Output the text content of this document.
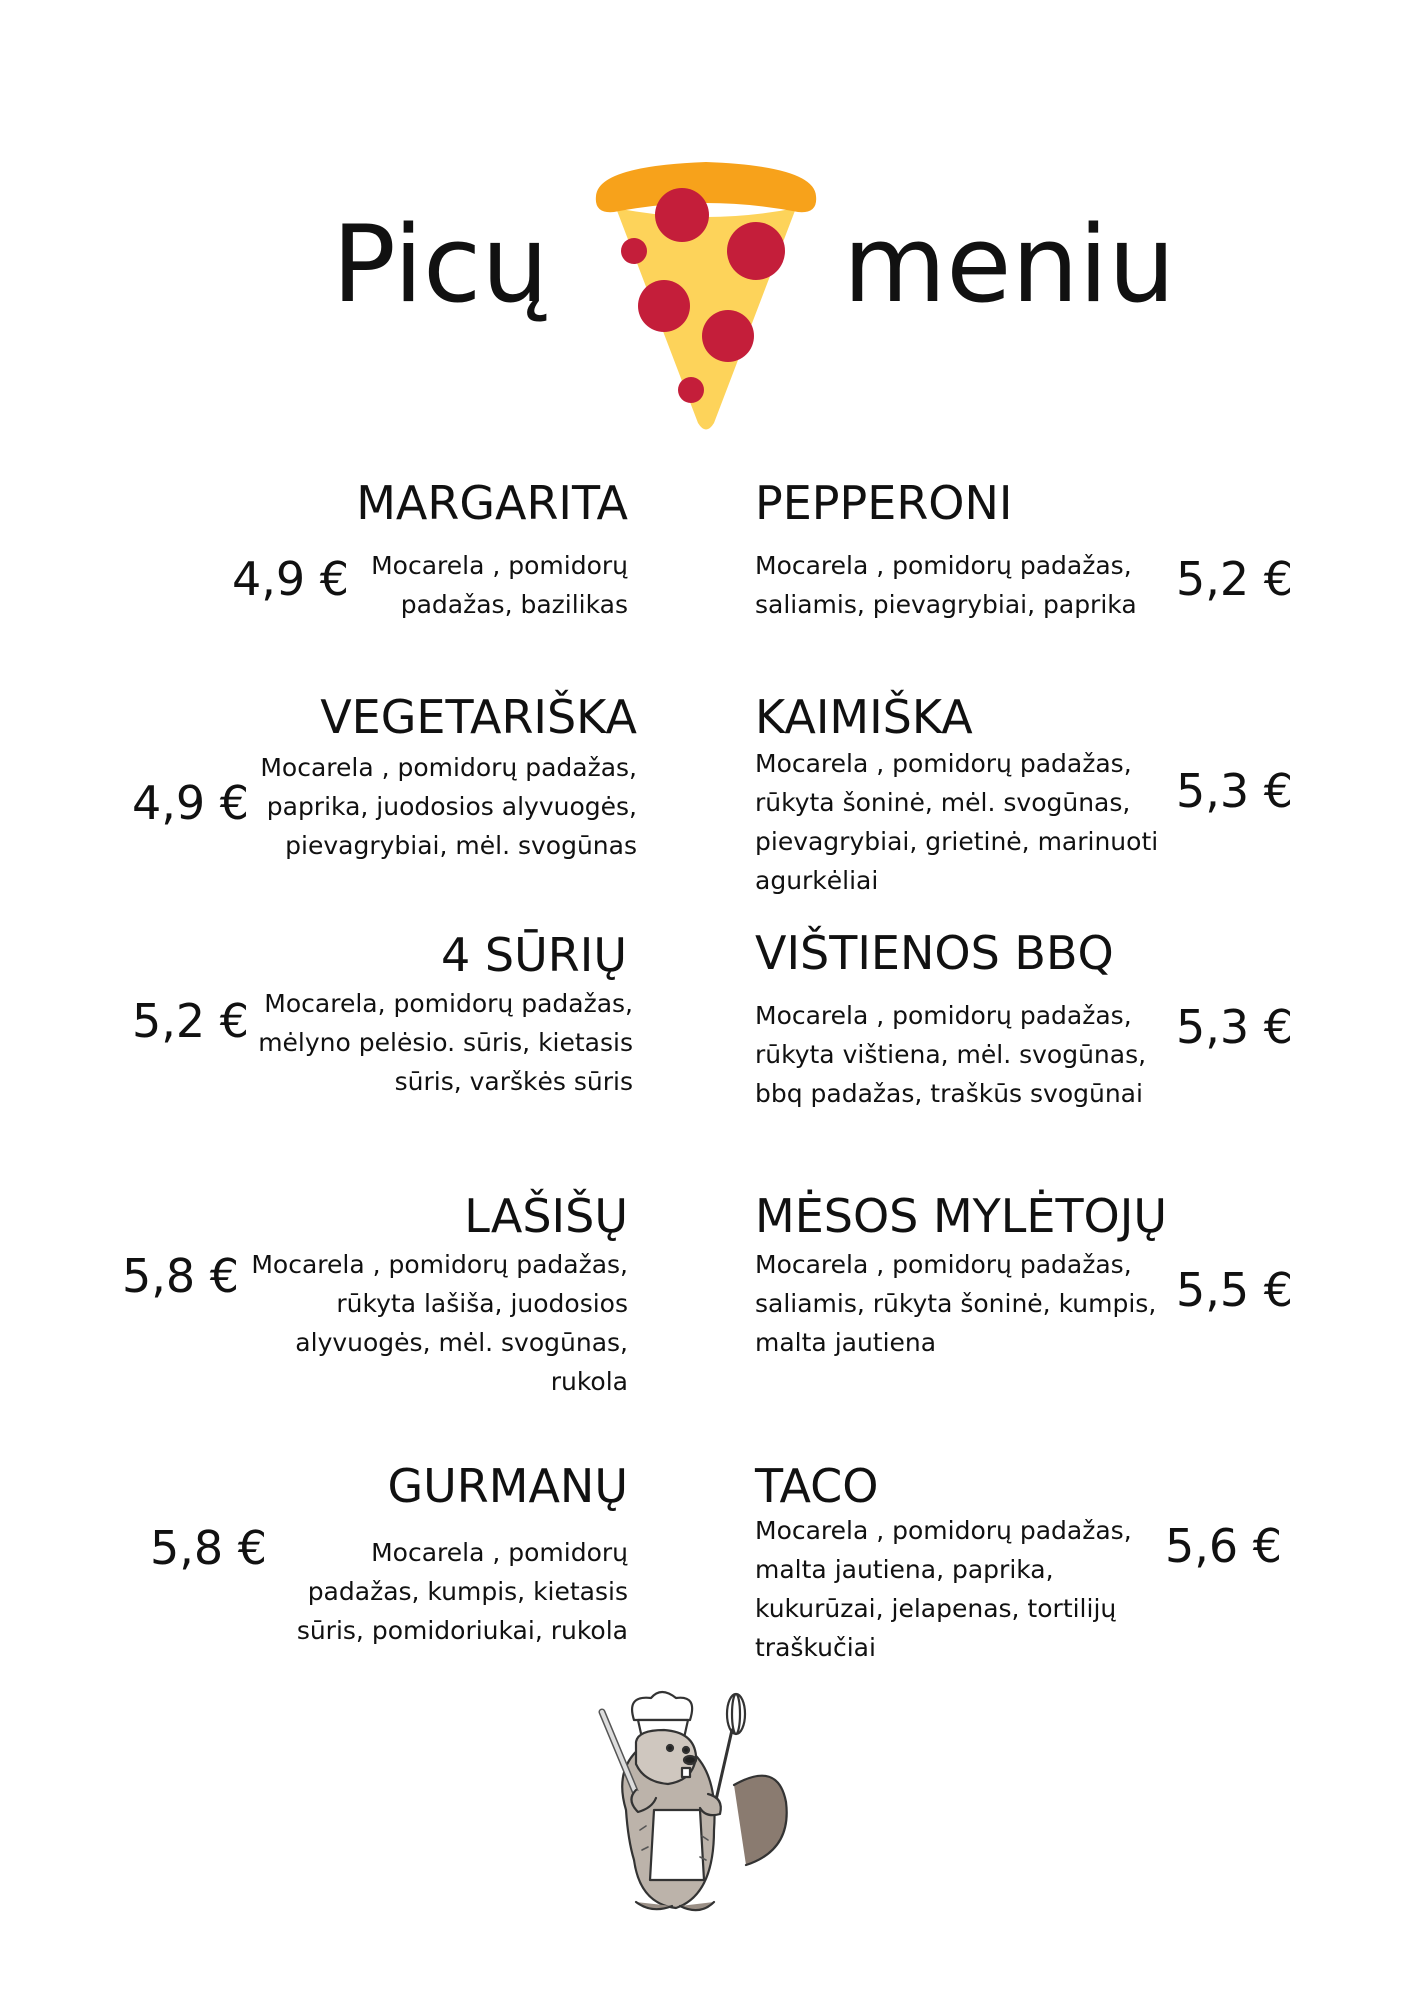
Picų	meniu
MARGARITA
Mocarela , pomidorų
padažas, bazilikas
4,9 €
VEGETARIŠKA
Mocarela , pomidorų padažas,
paprika, juodosios alyvuogės,
pievagrybiai, mėl. svogūnas
4,9 €
4 SŪRIŲ
Mocarela, pomidorų padažas,
mėlyno pelėsio. sūris, kietasis
sūris, varškės sūris
5,2 €
LAŠIŠŲ
Mocarela , pomidorų padažas,
rūkyta lašiša, juodosios
alyvuogės, mėl. svogūnas,
rukola
5,8 €
GURMANŲ
Mocarela , pomidorų
padažas, kumpis, kietasis
sūris, pomidoriukai, rukola
5,8 €
PEPPERONI
Mocarela , pomidorų padažas,
saliamis, pievagrybiai, paprika 5,2 €
KAIMIŠKA
Mocarela , pomidorų padažas,
rūkyta šoninė, mėl. svogūnas,
pievagrybiai, grietinė, marinuoti
agurkėliai
5,3 €
VIŠTIENOS BBQ
Mocarela , pomidorų padažas,
rūkyta vištiena, mėl. svogūnas,
bbq padažas, traškūs svogūnai
5,3 €
MĖSOS MYLĖTOJŲ
Mocarela , pomidorų padažas,
saliamis, rūkyta šoninė, kumpis,
malta jautiena
5,5 €
TACO
Mocarela , pomidorų padažas,
malta jautiena, paprika,
kukurūzai, jelapenas, tortilijų
traškučiai
5,6 €
